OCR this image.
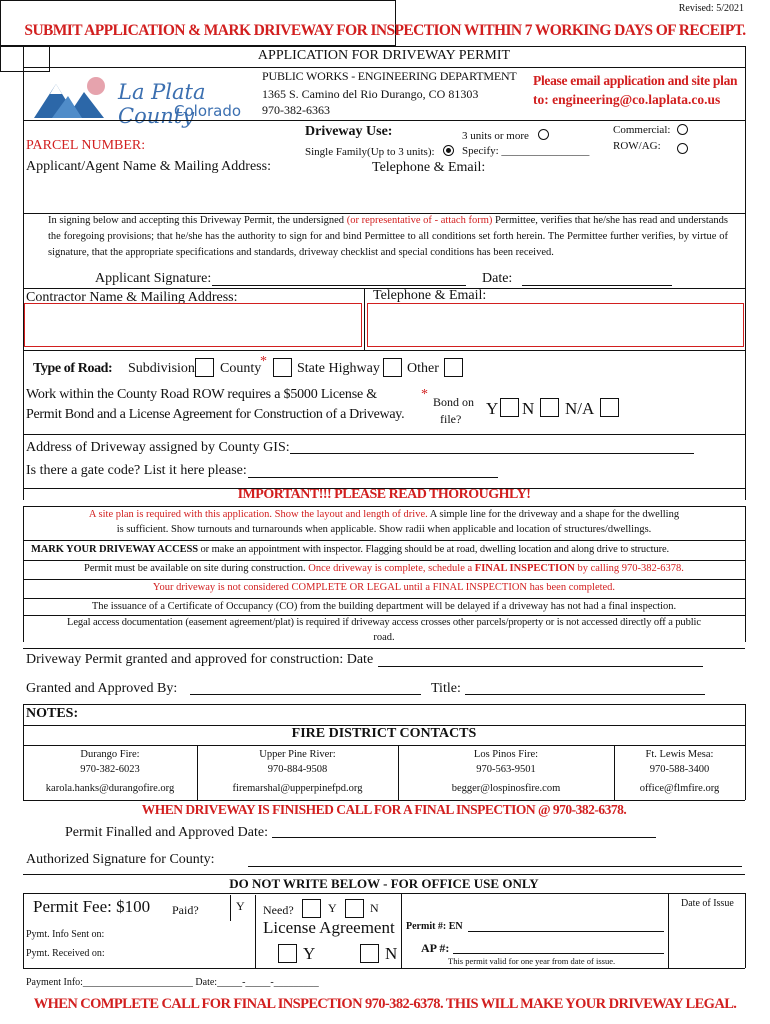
Revised: 5/2021
SUBMIT APPLICATION & MARK DRIVEWAY FOR INSPECTION WITHIN 7 WORKING DAYS OF RECEIPT.
APPLICATION FOR DRIVEWAY PERMIT
La Plata County
Colorado
PUBLIC WORKS - ENGINEERING DEPARTMENT
1365 S. Camino del Rio Durango, CO 81303
970-382-6363
Please email application and site plan
to: engineering@co.laplata.co.us
PARCEL NUMBER:
Applicant/Agent Name & Mailing Address:
Driveway Use:
Single Family(Up to 3 units):
3 units or more
Specify: ________________
Commercial:
ROW/AG:
Telephone & Email:
In signing below and accepting this Driveway Permit, the undersigned (or representative of - attach form) Permittee, verifies that he/she has read and understands the foregoing provisions; that he/she has the authority to sign for and bind Permittee to all conditions set forth herein. The Permittee further verifies, by virtue of signature, that the appropriate specifications and standards, driveway checklist and special conditions has been received.
Applicant Signature:	Date:
Contractor Name & Mailing Address:	Telephone & Email:
Type of Road: Subdivision County
* State Highway Other
Work within the County Road ROW requires a $5000 License &
Permit Bond and a License Agreement for Construction of a Driveway.
* Bond on
file?
Y N N/A
Address of Driveway assigned by County GIS:
Is there a gate code? List it here please:
IMPORTANT!!! PLEASE READ THOROUGHLY!
A site plan is required with this application. Show the layout and length of drive. A simple line for the driveway and a shape for the dwelling
is sufficient. Show turnouts and turnarounds when applicable. Show radii when applicable and location of structures/dwellings.
MARK YOUR DRIVEWAY ACCESS or make an appointment with inspector. Flagging should be at road, dwelling location and along drive to structure.
Permit must be available on site during construction. Once driveway is complete, schedule a FINAL INSPECTION by calling 970-382-6378.
Your driveway is not considered COMPLETE OR LEGAL until a FINAL INSPECTION has been completed.
The issuance of a Certificate of Occupancy (CO) from the building department will be delayed if a driveway has not had a final inspection.
Legal access documentation (easement agreement/plat) is required if driveway access crosses other parcels/property or is not accessed directly off a public
road.
Driveway Permit granted and approved for construction: Date
Granted and Approved By:	Title:
NOTES:
FIRE DISTRICT CONTACTS
Durango Fire:
970-382-6023
karola.hanks@durangofire.org
Upper Pine River:
970-884-9508
firemarshal@upperpinefpd.org
Los Pinos Fire:
970-563-9501
begger@lospinosfire.com
Ft. Lewis Mesa:
970-588-3400
office@flmfire.org
WHEN DRIVEWAY IS FINISHED CALL FOR A FINAL INSPECTION @ 970-382-6378.
Permit Finalled and Approved Date:
Authorized Signature for County:
DO NOT WRITE BELOW - FOR OFFICE USE ONLY
Permit Fee: $100 Paid?	Y
Pymt. Info Sent on:
Pymt. Received on:
Need?	Y	N
License Agreement
Y	N
Permit #: EN
AP #:
This permit valid for one year from date of issue.
Date of Issue
Payment Info:______________________ Date:_____-_____-_________
WHEN COMPLETE CALL FOR FINAL INSPECTION 970-382-6378. THIS WILL MAKE YOUR DRIVEWAY LEGAL.
